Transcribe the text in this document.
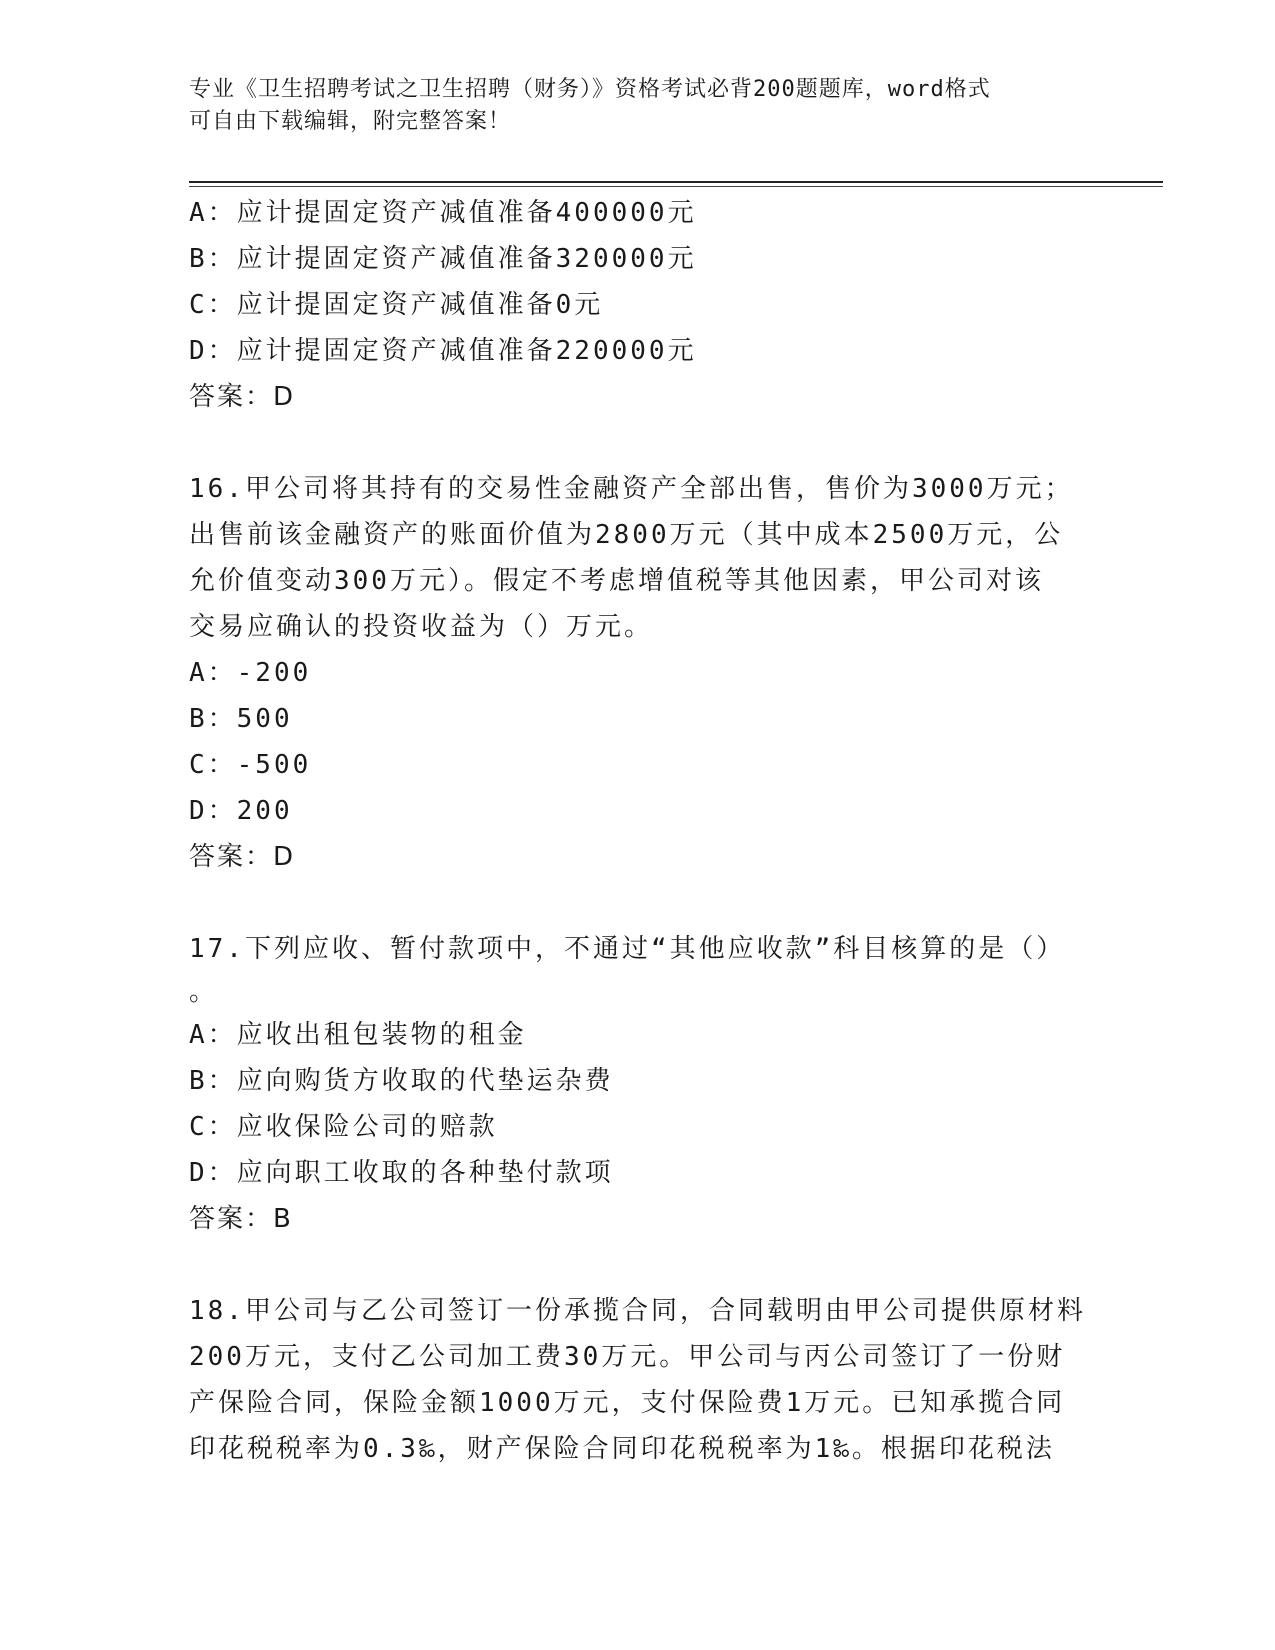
专业《卫生招聘考试之卫生招聘（财务）》资格考试必背200题题库，word格式
可自由下载编辑，附完整答案！
A：应计提固定资产减值准备400000元
B：应计提固定资产减值准备320000元
C：应计提固定资产减值准备0元
D：应计提固定资产减值准备220000元
答案：D
16.甲公司将其持有的交易性金融资产全部出售，售价为3000万元；
出售前该金融资产的账面价值为2800万元（其中成本2500万元，公
允价值变动300万元）。假定不考虑增值税等其他因素，甲公司对该
交易应确认的投资收益为（）万元。
A：-200
B：500
C：-500
D：200
答案：D
17.下列应收、暂付款项中，不通过“其他应收款”科目核算的是（）
。
A：应收出租包装物的租金
B：应向购货方收取的代垫运杂费
C：应收保险公司的赔款
D：应向职工收取的各种垫付款项
答案：B
18.甲公司与乙公司签订一份承揽合同，合同载明由甲公司提供原材料
200万元，支付乙公司加工费30万元。甲公司与丙公司签订了一份财
产保险合同，保险金额1000万元，支付保险费1万元。已知承揽合同
印花税税率为0.3‰，财产保险合同印花税税率为1‰。根据印花税法
